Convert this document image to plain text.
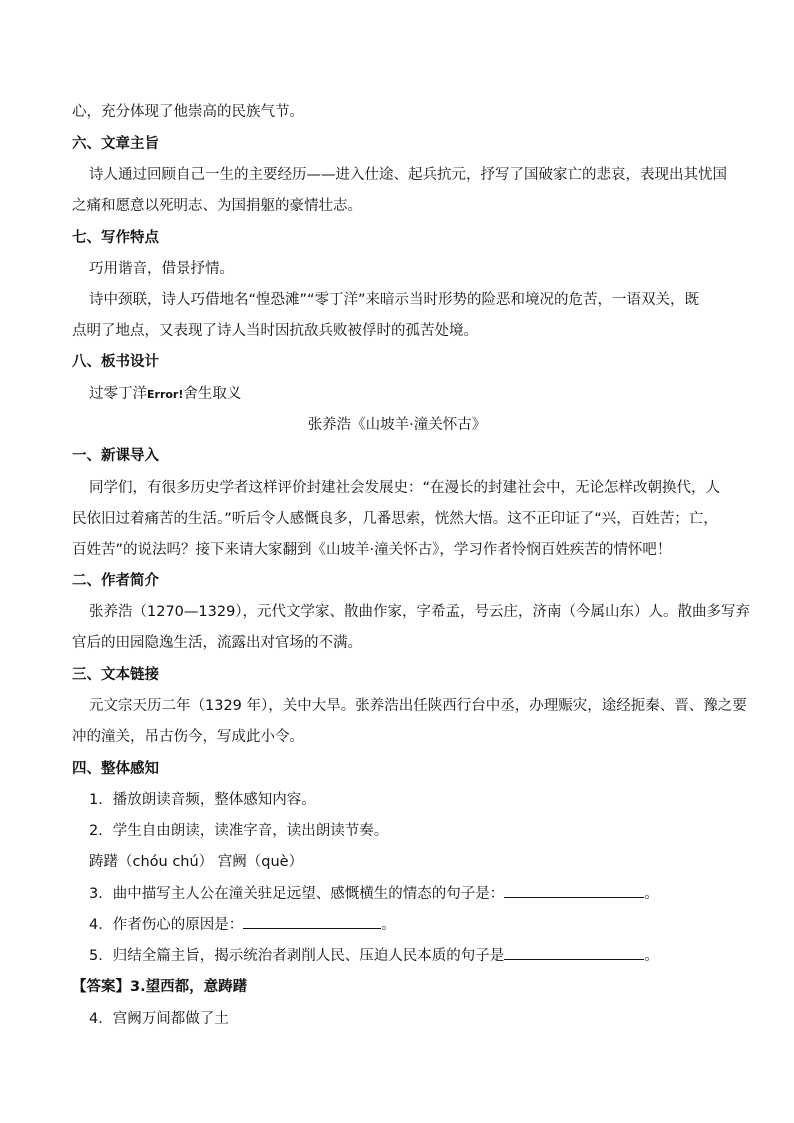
心，充分体现了他崇高的民族气节。
六、文章主旨
诗人通过回顾自己一生的主要经历——进入仕途、起兵抗元，抒写了国破家亡的悲哀，表现出其忧国
之痛和愿意以死明志、为国捐躯的豪情壮志。
七、写作特点
巧用谐音，借景抒情。
诗中颈联，诗人巧借地名“惶恐滩”“零丁洋”来暗示当时形势的险恶和境况的危苦，一语双关，既
点明了地点，又表现了诗人当时因抗敌兵败被俘时的孤苦处境。
八、板书设计
过零丁洋Error!舍生取义
张养浩《山坡羊·潼关怀古》
一、新课导入
同学们，有很多历史学者这样评价封建社会发展史：“在漫长的封建社会中，无论怎样改朝换代，人
民依旧过着痛苦的生活。”听后令人感慨良多，几番思索，恍然大悟。这不正印证了“兴，百姓苦；亡，
百姓苦”的说法吗？接下来请大家翻到《山坡羊·潼关怀古》，学习作者怜悯百姓疾苦的情怀吧！
二、作者简介
张养浩（1270—1329），元代文学家、散曲作家，字希孟，号云庄，济南（今属山东）人。散曲多写弃
官后的田园隐逸生活，流露出对官场的不满。
三、文本链接
元文宗天历二年（1329 年），关中大旱。张养浩出任陕西行台中丞，办理赈灾，途经扼秦、晋、豫之要
冲的潼关，吊古伤今，写成此小令。
四、整体感知
1．播放朗读音频，整体感知内容。
2．学生自由朗读，读准字音，读出朗读节奏。
踌躇（chóu chú） 宫阙（què）
3．曲中描写主人公在潼关驻足远望、感慨横生的情态的句子是：	。
4．作者伤心的原因是：	。
5．归结全篇主旨，揭示统治者剥削人民、压迫人民本质的句子是	。
【答案】3.望西都，意踌躇
4．宫阙万间都做了土
